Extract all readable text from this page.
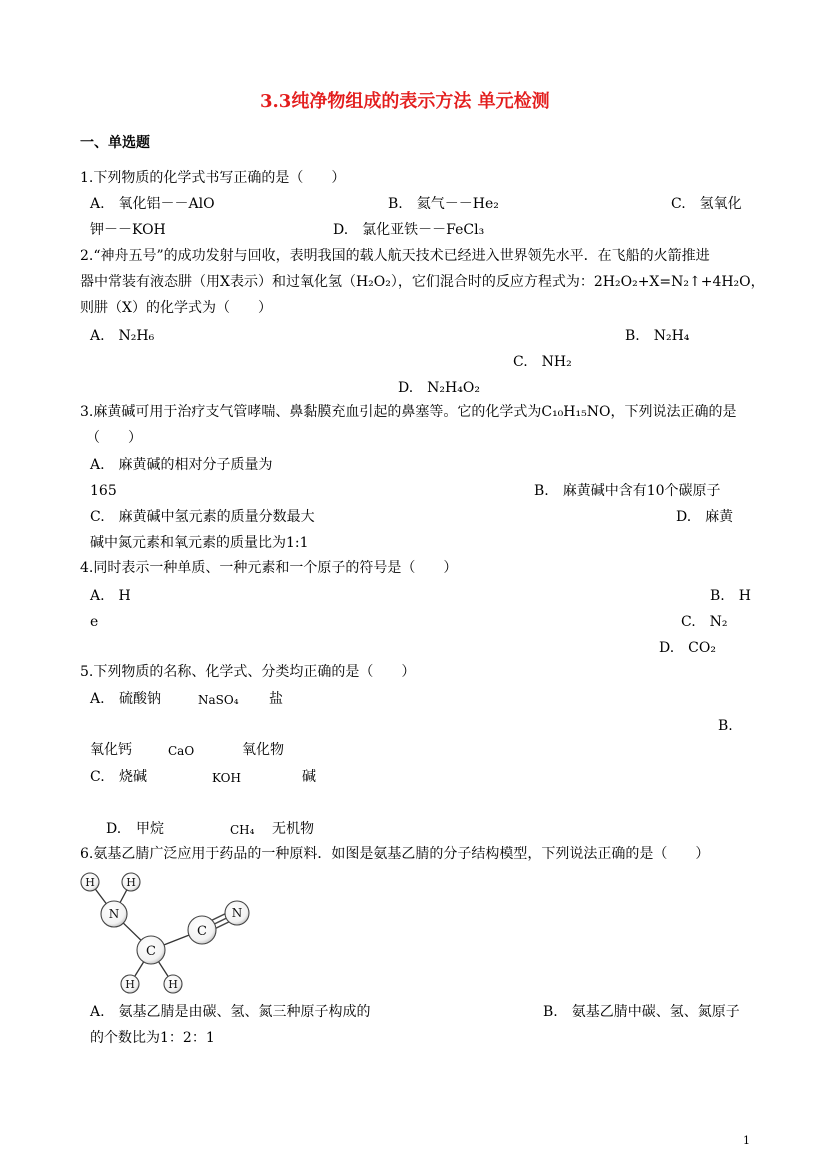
3.3纯净物组成的表示方法 单元检测
一、单选题
1.下列物质的化学式书写正确的是（　　）
A.　氧化铝－－AlO	B.　氦气－－He₂	C.　氢氧化
钾－－KOH	D.　氯化亚铁－－FeCl₃
2.“神舟五号”的成功发射与回收，表明我国的载人航天技术已经进入世界领先水平．在飞船的火箭推进
器中常装有液态肼（用X表示）和过氧化氢（H₂O₂），它们混合时的反应方程式为：2H₂O₂+X=N₂↑+4H₂O，
则肼（X）的化学式为（　　）
A.　N₂H₆	B.　N₂H₄
C.　NH₂
D.　N₂H₄O₂
3.麻黄碱可用于治疗支气管哮喘、鼻黏膜充血引起的鼻塞等。它的化学式为C₁₀H₁₅NO，下列说法正确的是
（　　）
A.　麻黄碱的相对分子质量为
165	B.　麻黄碱中含有10个碳原子
C.　麻黄碱中氢元素的质量分数最大	D.　麻黄
碱中氮元素和氧元素的质量比为1:1
4.同时表示一种单质、一种元素和一个原子的符号是（　　）
A.　H	B.　H
e	C.　N₂
D.　CO₂
5.下列物质的名称、化学式、分类均正确的是（　　）
A. 硫酸钠	NaSO₄ 盐
B.
氧化钙	CaO	氧化物
C. 烧碱	KOH	碱
D. 甲烷	CH₄ 无机物
6.氨基乙腈广泛应用于药品的一种原料．如图是氨基乙腈的分子结构模型，下列说法正确的是（　　）
H	H
N
C
C
N
H	H
A.　氨基乙腈是由碳、氢、氮三种原子构成的	B.　氨基乙腈中碳、氢、氮原子
的个数比为1：2：1
1
